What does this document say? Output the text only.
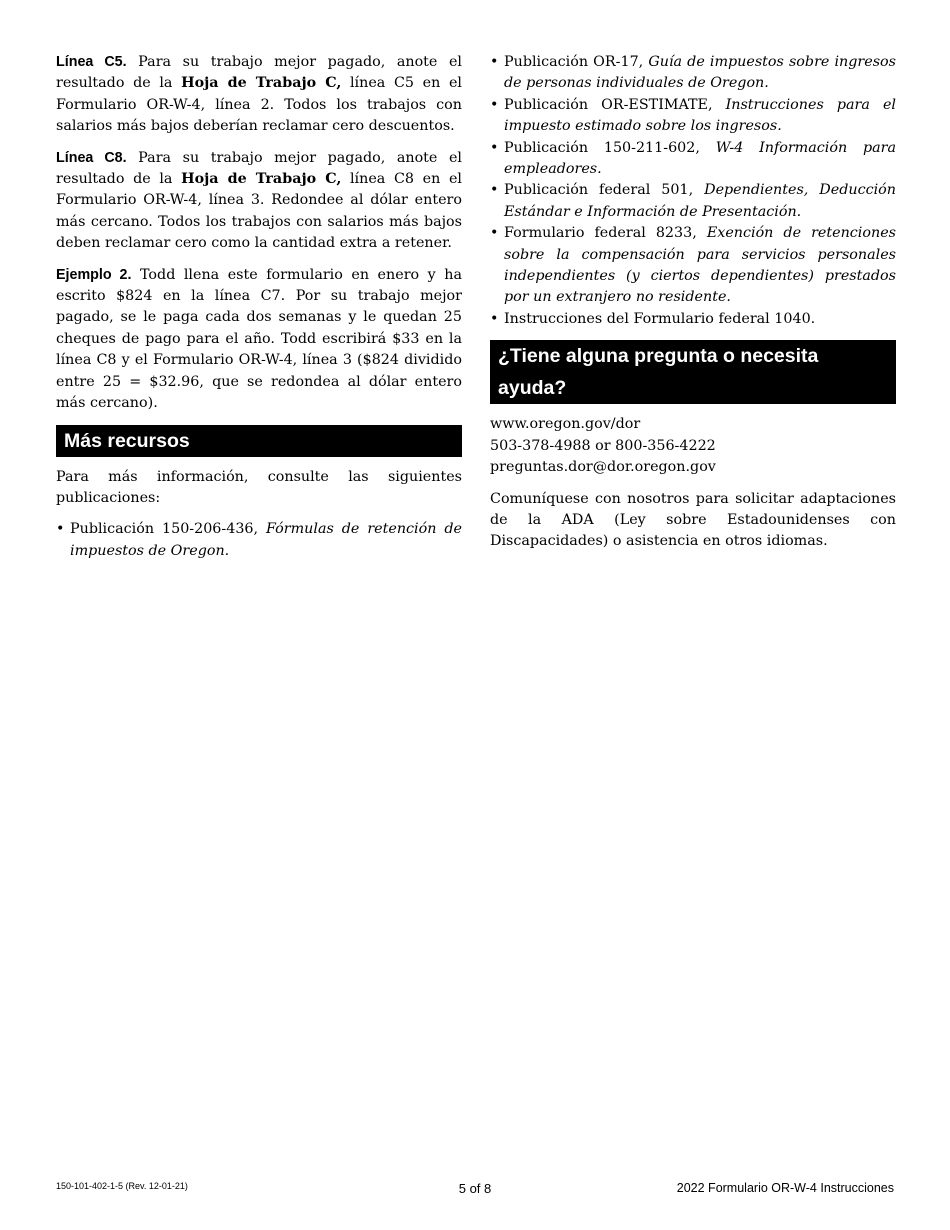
Línea C5. Para su trabajo mejor pagado, anote el resultado de la Hoja de Trabajo C, línea C5 en el Formulario OR-W-4, línea 2. Todos los trabajos con salarios más bajos deberían reclamar cero descuentos.

Línea C8. Para su trabajo mejor pagado, anote el resultado de la Hoja de Trabajo C, línea C8 en el Formulario OR-W-4, línea 3. Redondee al dólar entero más cercano. Todos los trabajos con salarios más bajos deben reclamar cero como la cantidad extra a retener.

Ejemplo 2. Todd llena este formulario en enero y ha escrito $824 en la línea C7. Por su trabajo mejor pagado, se le paga cada dos semanas y le quedan 25 cheques de pago para el año. Todd escribirá $33 en la línea C8 y el Formulario OR-W-4, línea 3 ($824 dividido entre 25 = $32.96, que se redondea al dólar entero más cercano).

Más recursos

Para más información, consulte las siguientes publicaciones:

• Publicación 150-206-436, Fórmulas de retención de impuestos de Oregon.
• Publicación OR-17, Guía de impuestos sobre ingresos de personas individuales de Oregon.
• Publicación OR-ESTIMATE, Instrucciones para el impuesto estimado sobre los ingresos.
• Publicación 150-211-602, W-4 Información para empleadores.
• Publicación federal 501, Dependientes, Deducción Estándar e Información de Presentación.
• Formulario federal 8233, Exención de retenciones sobre la compensación para servicios personales independientes (y ciertos dependientes) prestados por un extranjero no residente.
• Instrucciones del Formulario federal 1040.
¿Tiene alguna pregunta o necesita ayuda?
www.oregon.gov/dor
503-378-4988 or 800-356-4222
preguntas.dor@dor.oregon.gov

Comuníquese con nosotros para solicitar adaptaciones de la ADA (Ley sobre Estadounidenses con Discapacidades) o asistencia en otros idiomas.

150-101-402-1-5 (Rev. 12-01-21)	5 of 8	2022 Formulario OR-W-4 Instrucciones
